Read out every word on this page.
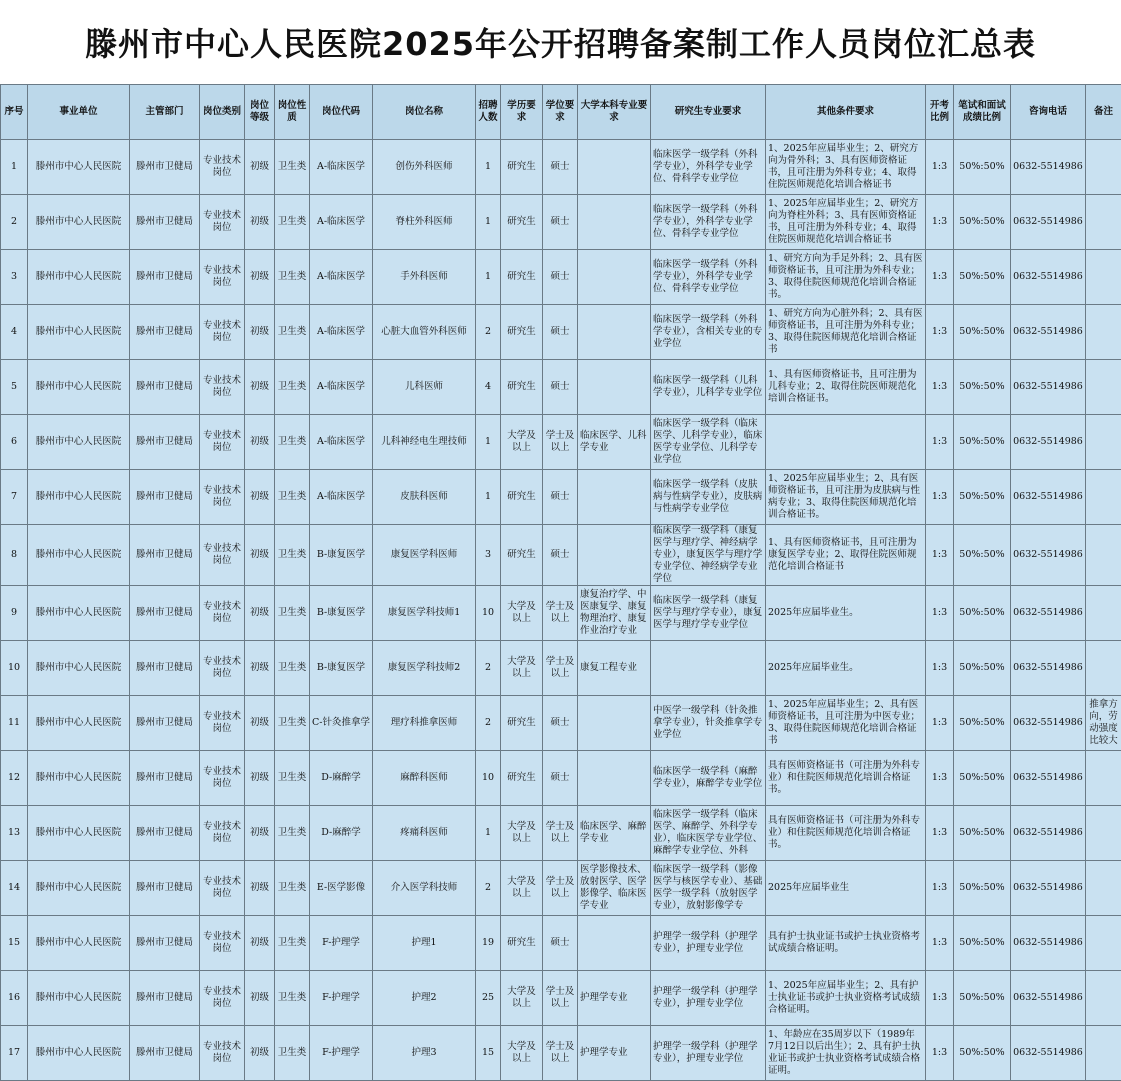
滕州市中心人民医院2025年公开招聘备案制工作人员岗位汇总表
序号	事业单位	主管部门	岗位类别	岗位等级	岗位性质	岗位代码	岗位名称	招聘人数	学历要求	学位要求	大学本科专业要求	研究生专业要求	其他条件要求	开考比例	笔试和面试成绩比例	咨询电话	备注
1	滕州市中心人民医院	滕州市卫健局	专业技术岗位	初级	卫生类	A-临床医学	创伤外科医师	1	研究生	硕士		临床医学一级学科（外科学专业），外科学专业学位、骨科学专业学位	1、2025年应届毕业生；2、研究方向为骨外科；3、具有医师资格证书，且可注册为外科专业；4、取得住院医师规范化培训合格证书	1:3	50%:50%	0632-5514986	
2	滕州市中心人民医院	滕州市卫健局	专业技术岗位	初级	卫生类	A-临床医学	脊柱外科医师	1	研究生	硕士		临床医学一级学科（外科学专业），外科学专业学位、骨科学专业学位	1、2025年应届毕业生；2、研究方向为脊柱外科；3、具有医师资格证书，且可注册为外科专业；4、取得住院医师规范化培训合格证书	1:3	50%:50%	0632-5514986	
3	滕州市中心人民医院	滕州市卫健局	专业技术岗位	初级	卫生类	A-临床医学	手外科医师	1	研究生	硕士		临床医学一级学科（外科学专业），外科学专业学位、骨科学专业学位	1、研究方向为手足外科；2、具有医师资格证书，且可注册为外科专业；3、取得住院医师规范化培训合格证书。	1:3	50%:50%	0632-5514986	
4	滕州市中心人民医院	滕州市卫健局	专业技术岗位	初级	卫生类	A-临床医学	心脏大血管外科医师	2	研究生	硕士		临床医学一级学科（外科学专业），含相关专业的专业学位	1、研究方向为心脏外科；2、具有医师资格证书，且可注册为外科专业；3、取得住院医师规范化培训合格证书	1:3	50%:50%	0632-5514986	
5	滕州市中心人民医院	滕州市卫健局	专业技术岗位	初级	卫生类	A-临床医学	儿科医师	4	研究生	硕士		临床医学一级学科（儿科学专业），儿科学专业学位	1、具有医师资格证书，且可注册为儿科专业；2、取得住院医师规范化培训合格证书。	1:3	50%:50%	0632-5514986	
6	滕州市中心人民医院	滕州市卫健局	专业技术岗位	初级	卫生类	A-临床医学	儿科神经电生理技师	1	大学及以上	学士及以上	临床医学、儿科学专业	临床医学一级学科（临床医学、儿科学专业），临床医学专业学位、儿科学专业学位		1:3	50%:50%	0632-5514986	
7	滕州市中心人民医院	滕州市卫健局	专业技术岗位	初级	卫生类	A-临床医学	皮肤科医师	1	研究生	硕士		临床医学一级学科（皮肤病与性病学专业），皮肤病与性病学专业学位	1、2025年应届毕业生；2、具有医师资格证书，且可注册为皮肤病与性病专业；3、取得住院医师规范化培训合格证书。	1:3	50%:50%	0632-5514986	
8	滕州市中心人民医院	滕州市卫健局	专业技术岗位	初级	卫生类	B-康复医学	康复医学科医师	3	研究生	硕士		临床医学一级学科（康复医学与理疗学、神经病学专业），康复医学与理疗学专业学位、神经病学专业学位	1、具有医师资格证书，且可注册为康复医学专业；2、取得住院医师规范化培训合格证书	1:3	50%:50%	0632-5514986	
9	滕州市中心人民医院	滕州市卫健局	专业技术岗位	初级	卫生类	B-康复医学	康复医学科技师1	10	大学及以上	学士及以上	康复治疗学、中医康复学、康复物理治疗、康复作业治疗专业	临床医学一级学科（康复医学与理疗学专业），康复医学与理疗学专业学位	2025年应届毕业生。	1:3	50%:50%	0632-5514986	
10	滕州市中心人民医院	滕州市卫健局	专业技术岗位	初级	卫生类	B-康复医学	康复医学科技师2	2	大学及以上	学士及以上	康复工程专业		2025年应届毕业生。	1:3	50%:50%	0632-5514986	
11	滕州市中心人民医院	滕州市卫健局	专业技术岗位	初级	卫生类	C-针灸推拿学	理疗科推拿医师	2	研究生	硕士		中医学一级学科（针灸推拿学专业），针灸推拿学专业学位	1、2025年应届毕业生；2、具有医师资格证书，且可注册为中医专业；3、取得住院医师规范化培训合格证书	1:3	50%:50%	0632-5514986	推拿方向，劳动强度比较大
12	滕州市中心人民医院	滕州市卫健局	专业技术岗位	初级	卫生类	D-麻醉学	麻醉科医师	10	研究生	硕士		临床医学一级学科（麻醉学专业），麻醉学专业学位	具有医师资格证书（可注册为外科专业）和住院医师规范化培训合格证书。	1:3	50%:50%	0632-5514986	
13	滕州市中心人民医院	滕州市卫健局	专业技术岗位	初级	卫生类	D-麻醉学	疼痛科医师	1	大学及以上	学士及以上	临床医学、麻醉学专业	临床医学一级学科（临床医学、麻醉学、外科学专业），临床医学专业学位、麻醉学专业学位、外科	具有医师资格证书（可注册为外科专业）和住院医师规范化培训合格证书。	1:3	50%:50%	0632-5514986	
14	滕州市中心人民医院	滕州市卫健局	专业技术岗位	初级	卫生类	E-医学影像	介入医学科技师	2	大学及以上	学士及以上	医学影像技术、放射医学、医学影像学、临床医学专业	临床医学一级学科（影像医学与核医学专业）、基础医学一级学科（放射医学专业），放射影像学专	2025年应届毕业生	1:3	50%:50%	0632-5514986	
15	滕州市中心人民医院	滕州市卫健局	专业技术岗位	初级	卫生类	F-护理学	护理1	19	研究生	硕士		护理学一级学科（护理学专业），护理专业学位	具有护士执业证书或护士执业资格考试成绩合格证明。	1:3	50%:50%	0632-5514986	
16	滕州市中心人民医院	滕州市卫健局	专业技术岗位	初级	卫生类	F-护理学	护理2	25	大学及以上	学士及以上	护理学专业	护理学一级学科（护理学专业），护理专业学位	1、2025年应届毕业生；2、具有护士执业证书或护士执业资格考试成绩合格证明。	1:3	50%:50%	0632-5514986	
17	滕州市中心人民医院	滕州市卫健局	专业技术岗位	初级	卫生类	F-护理学	护理3	15	大学及以上	学士及以上	护理学专业	护理学一级学科（护理学专业），护理专业学位	1、年龄应在35周岁以下（1989年 7月12日以后出生）；2、具有护士执业证书或护士执业资格考试成绩合格证明。	1:3	50%:50%	0632-5514986	
